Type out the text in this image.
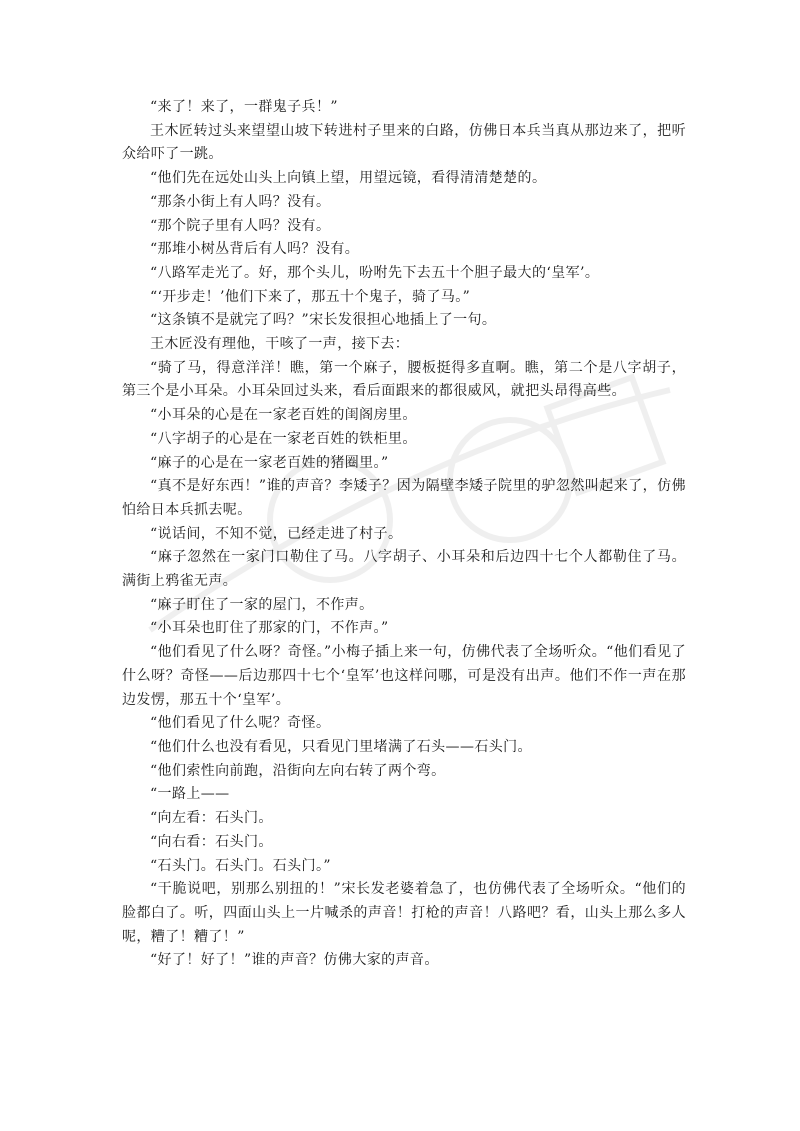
“来了！来了，一群鬼子兵！”

王木匠转过头来望望山坡下转进村子里来的白路，仿佛日本兵当真从那边来了，把听众给吓了一跳。

“他们先在远处山头上向镇上望，用望远镜，看得清清楚楚的。

“那条小街上有人吗？没有。

“那个院子里有人吗？没有。

“那堆小树丛背后有人吗？没有。

“八路军走光了。好，那个头儿，吩咐先下去五十个胆子最大的‘皇军’。

“‘开步走！’他们下来了，那五十个鬼子，骑了马。”

“这条镇不是就完了吗？”宋长发很担心地插上了一句。

王木匠没有理他，干咳了一声，接下去：

“骑了马，得意洋洋！瞧，第一个麻子，腰板挺得多直啊。瞧，第二个是八字胡子，第三个是小耳朵。小耳朵回过头来，看后面跟来的都很威风，就把头昂得高些。

“小耳朵的心是在一家老百姓的闺阁房里。

“八字胡子的心是在一家老百姓的铁柜里。

“麻子的心是在一家老百姓的猪圈里。”

“真不是好东西！”谁的声音？李矮子？因为隔壁李矮子院里的驴忽然叫起来了，仿佛怕给日本兵抓去呢。

“说话间，不知不觉，已经走进了村子。

“麻子忽然在一家门口勒住了马。八字胡子、小耳朵和后边四十七个人都勒住了马。满街上鸦雀无声。

“麻子盯住了一家的屋门，不作声。

“小耳朵也盯住了那家的门，不作声。”

“他们看见了什么呀？奇怪。”小梅子插上来一句，仿佛代表了全场听众。“他们看见了什么呀？奇怪——后边那四十七个‘皇军’也这样问哪，可是没有出声。他们不作一声在那边发愣，那五十个‘皇军’。

“他们看见了什么呢？奇怪。

“他们什么也没有看见，只看见门里堵满了石头——石头门。

“他们索性向前跑，沿街向左向右转了两个弯。

“一路上——

“向左看：石头门。

“向右看：石头门。

“石头门。石头门。石头门。”

“干脆说吧，别那么别扭的！”宋长发老婆着急了，也仿佛代表了全场听众。“他们的脸都白了。听，四面山头上一片喊杀的声音！打枪的声音！八路吧？看，山头上那么多人呢，糟了！糟了！”

“好了！好了！”谁的声音？仿佛大家的声音。
